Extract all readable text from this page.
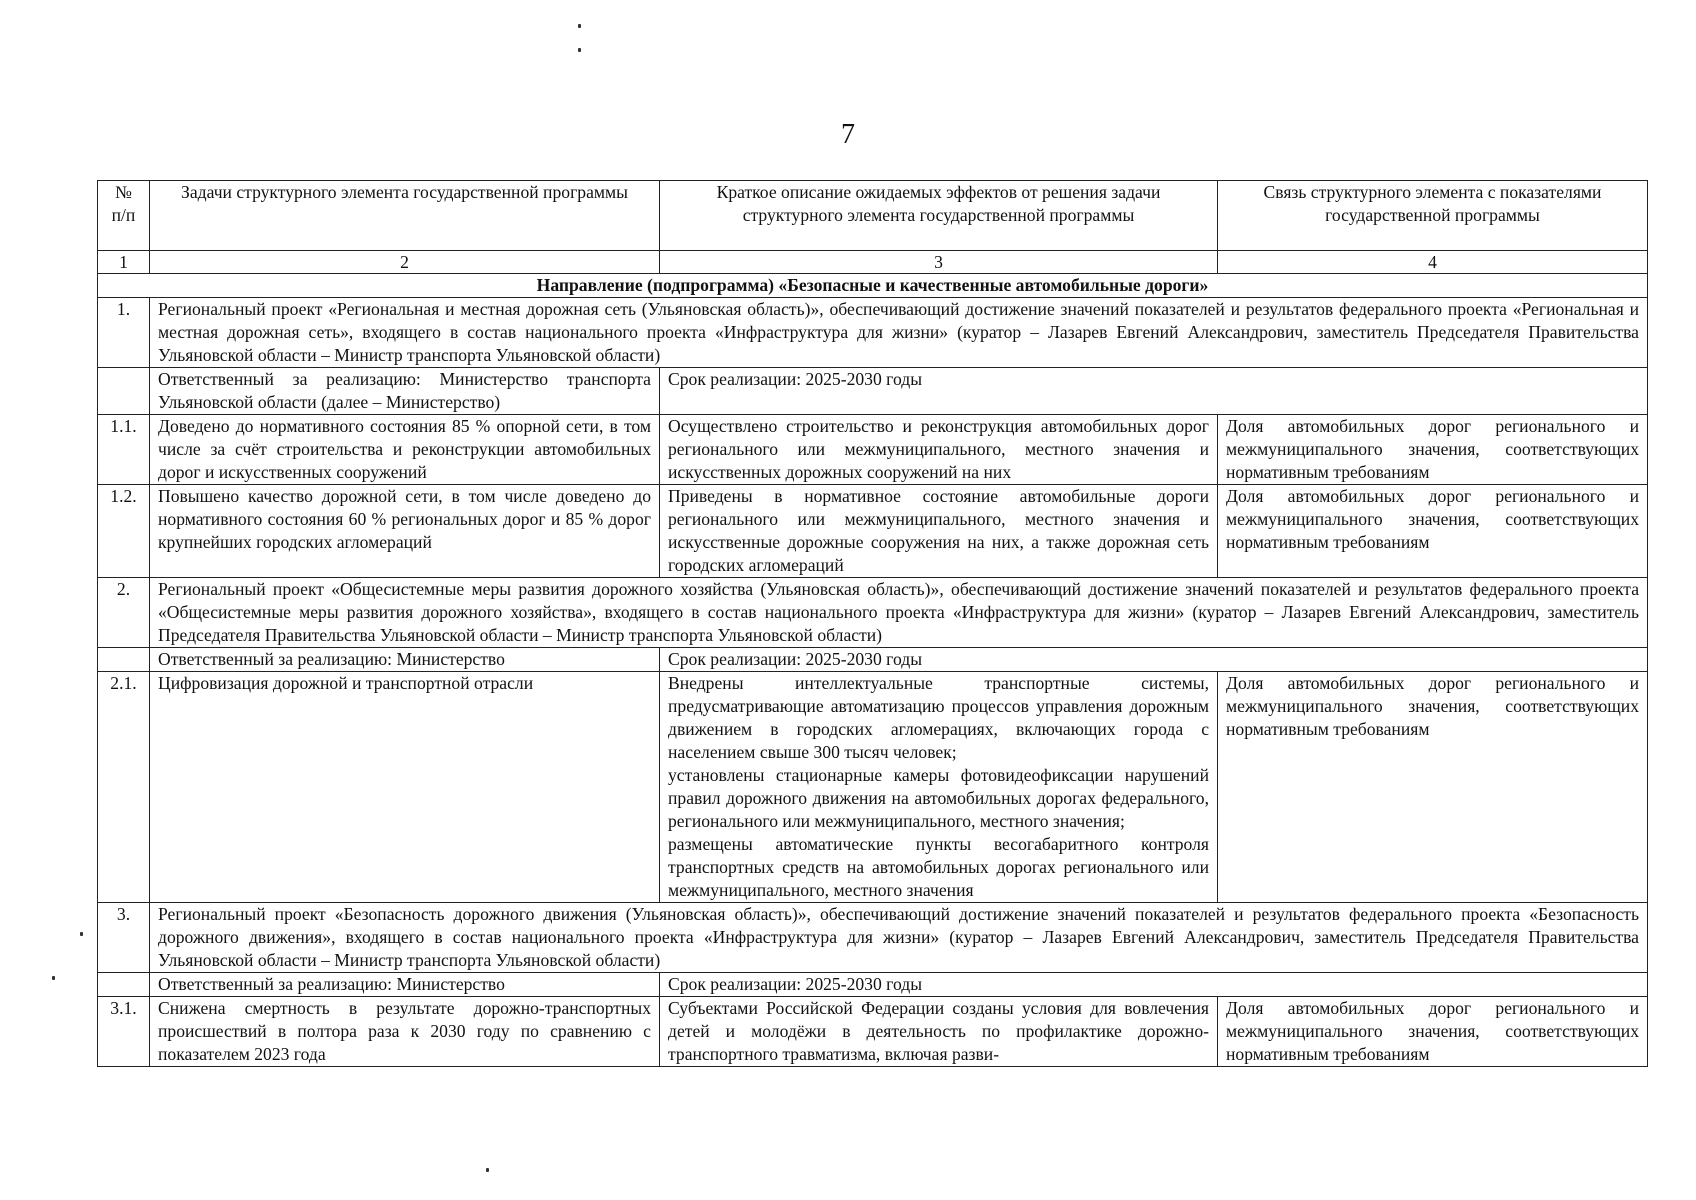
7
№ п/п	Задачи структурного элемента государственной программы	Краткое описание ожидаемых эффектов от решения задачи структурного элемента государственной программы	Связь структурного элемента с показателями государственной программы
1	2	3	4
Направление (подпрограмма) «Безопасные и качественные автомобильные дороги»			
1.	Региональный проект «Региональная и местная дорожная сеть (Ульяновская область)», обеспечивающий достижение значений показателей и результатов федерального проекта «Региональная и местная дорожная сеть», входящего в состав национального проекта «Инфраструктура для жизни» (куратор – Лазарев Евгений Александрович, заместитель Председателя Правительства Ульяновской области – Министр транспорта Ульяновской области)		
	Ответственный за реализацию: Министерство транспорта Ульяновской области (далее – Министерство)	Срок реализации: 2025-2030 годы	
1.1.	Доведено до нормативного состояния 85 % опорной сети, в том числе за счёт строительства и реконструкции автомобильных дорог и искусственных сооружений	Осуществлено строительство и реконструкция автомобильных дорог регионального или межмуниципального, местного значения и искусственных дорожных сооружений на них	Доля автомобильных дорог регионального и межмуниципального значения, соответствующих нормативным требованиям
1.2.	Повышено качество дорожной сети, в том числе доведено до нормативного состояния 60 % региональных дорог и 85 % дорог крупнейших городских агломераций	Приведены в нормативное состояние автомобильные дороги регионального или межмуниципального, местного значения и искусственные дорожные сооружения на них, а также дорожная сеть городских агломераций	Доля автомобильных дорог регионального и межмуниципального значения, соответствующих нормативным требованиям
2.	Региональный проект «Общесистемные меры развития дорожного хозяйства (Ульяновская область)», обеспечивающий достижение значений показателей и результатов федерального проекта «Общесистемные меры развития дорожного хозяйства», входящего в состав национального проекта «Инфраструктура для жизни» (куратор – Лазарев Евгений Александрович, заместитель Председателя Правительства Ульяновской области – Министр транспорта Ульяновской области)		
	Ответственный за реализацию: Министерство	Срок реализации: 2025-2030 годы	
2.1.	Цифровизация дорожной и транспортной отрасли	Внедрены интеллектуальные транспортные системы, предусматривающие автоматизацию процессов управления дорожным движением в городских агломерациях, включающих города с населением свыше 300 тысяч человек;
установлены стационарные камеры фотовидеофиксации нарушений правил дорожного движения на автомобильных дорогах федерального, регионального или межмуниципального, местного значения;
размещены автоматические пункты весогабаритного контроля транспортных средств на автомобильных дорогах регионального или межмуниципального, местного значения	Доля автомобильных дорог регионального и межмуниципального значения, соответствующих нормативным требованиям
3.	Региональный проект «Безопасность дорожного движения (Ульяновская область)», обеспечивающий достижение значений показателей и результатов федерального проекта «Безопасность дорожного движения», входящего в состав национального проекта «Инфраструктура для жизни» (куратор – Лазарев Евгений Александрович, заместитель Председателя Правительства Ульяновской области – Министр транспорта Ульяновской области)		
	Ответственный за реализацию: Министерство	Срок реализации: 2025-2030 годы	
3.1.	Снижена смертность в результате дорожно-транспортных происшествий в полтора раза к 2030 году по сравнению с показателем 2023 года	Субъектами Российской Федерации созданы условия для вовлечения детей и молодёжи в деятельность по профилактике дорожно-транспортного травматизма, включая разви-	Доля автомобильных дорог регионального и межмуниципального значения, соответствующих нормативным требованиям
